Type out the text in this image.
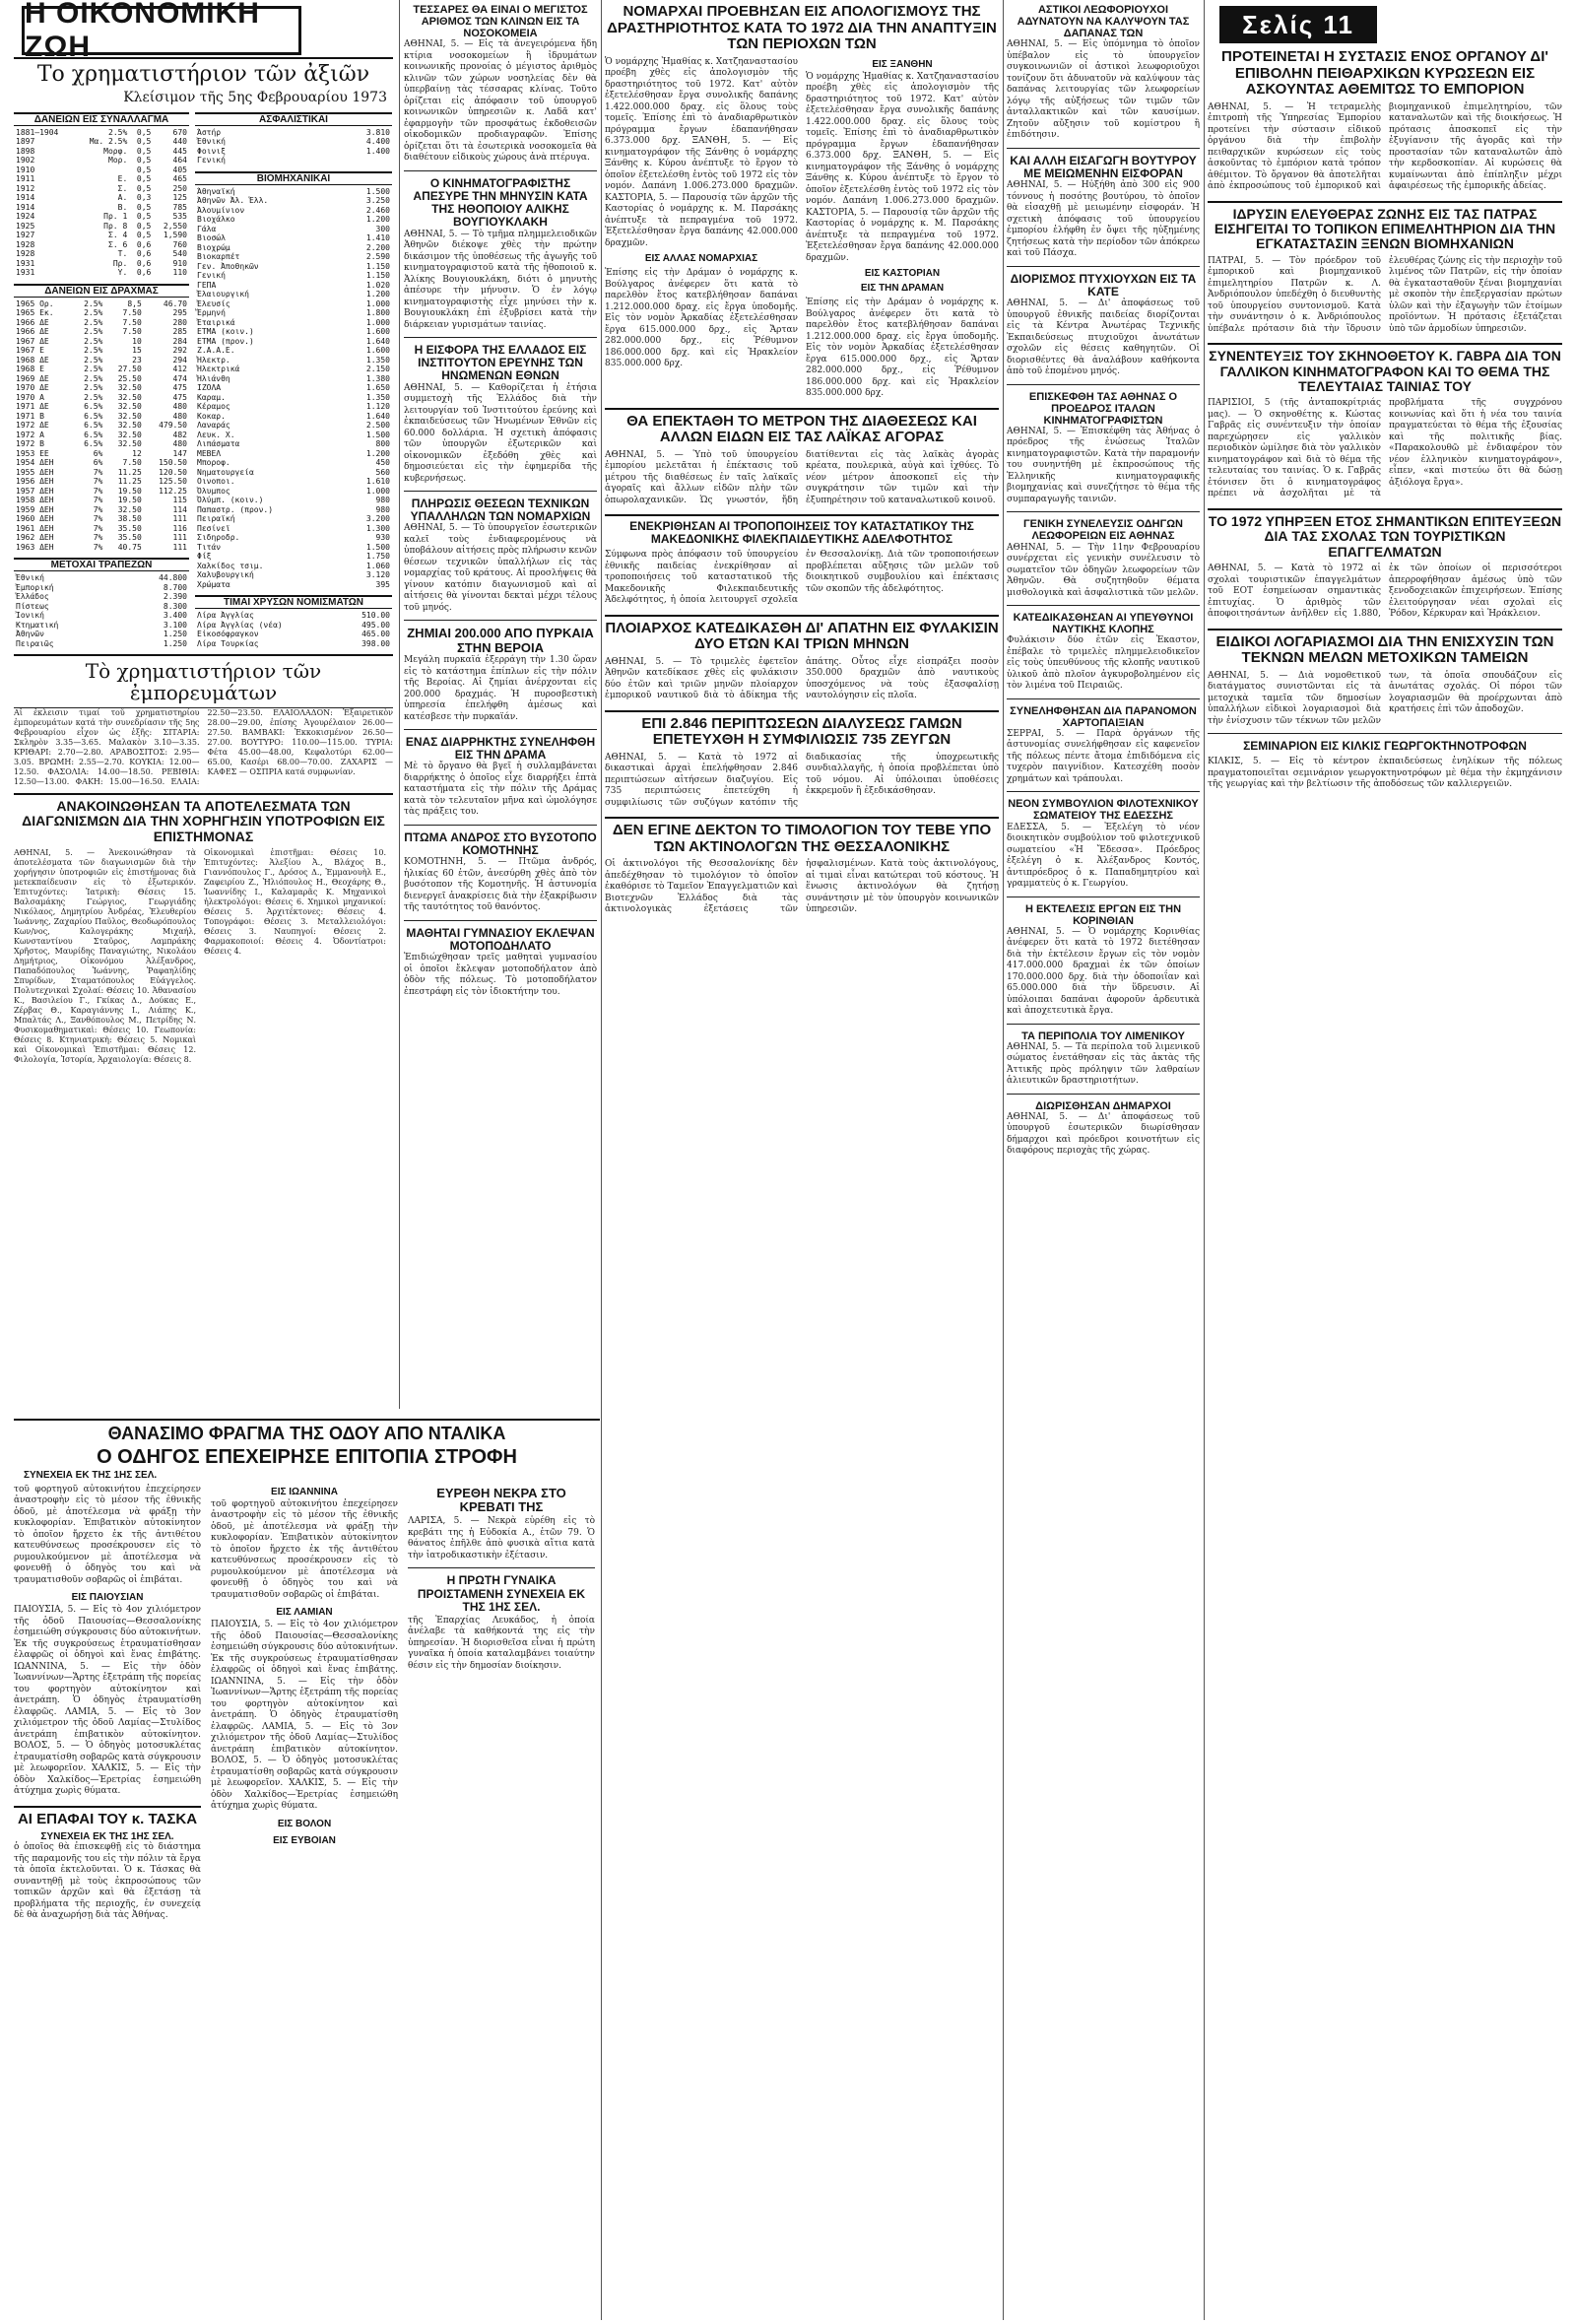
Η ΟΙΚΟΝΟΜΙΚΗ ΖΩΗ
Το χρηματιστήριον τῶν ἀξιῶν
Κλείσιμον τῆς 5ης Φεβρουαρίου 1973
ΔΑΝΕΙΩΝ ΕΙΣ ΣΥΝΑΛΛΑΓΜΑ
1881—1904	2.5%	0,5	670
1897	Μα. 2.5%	0,5	440
1898	Μορφ.	0,5	445
1902	Μορ.	0,5	464
1910		0,5	405
1911	Ε.	0,5	465
1912	Σ.	0,5	250
1914	Α.	0,3	125
1914	Β.	0,5	785
1924	Πρ. 1	0,5	535
1925	Πρ. 8	0,5	2,550
1927	Σ. 4	0,5	1,590
1928	Σ. 6	0,6	760
1928	Τ.	0,6	540
1931	Πρ.	0,6	910
1931	Υ.	0,6	110
ΔΑΝΕΙΩΝ ΕΙΣ ΔΡΑΧΜΑΣ
1965 Ορ.	2.5%	8,5	46.70
1965 Εκ.	2.5%	7.50	295
1966 ΔΕ	2.5%	7.50	280
1966 ΔΕ	2.5%	7.50	285
1967 ΔΕ	2.5%	10	284
1967 Ε	2.5%	15	292
1968 ΔΕ	2.5%	23	294
1968 Ε	2.5%	27.50	412
1969 ΔΕ	2.5%	25.50	474
1970 ΔΕ	2.5%	32.50	475
1970 Α	2.5%	32.50	475
1971 ΔΕ	6.5%	32.50	480
1971 Β	6.5%	32.50	480
1972 ΔΕ	6.5%	32.50	479.50
1972 Α	6.5%	32.50	482
1972 Β	6.5%	32.50	480
1953 ΕΕ	6%	12	147
1954 ΔΕΗ	6%	7.50	150.50
1955 ΔΕΗ	7%	11.25	120.50
1956 ΔΕΗ	7%	11.25	125.50
1957 ΔΕΗ	7%	19.50	112.25
1958 ΔΕΗ	7%	19.50	115
1959 ΔΕΗ	7%	32.50	114
1960 ΔΕΗ	7%	38.50	111
1961 ΔΕΗ	7%	35.50	116
1962 ΔΕΗ	7%	35.50	111
1963 ΔΕΗ	7%	40.75	111
ΜΕΤΟΧΑΙ ΤΡΑΠΕΖΩΝ
Ἐθνική	44.800
Ἐμπορική	8.700
Ἑλλάδος	2.390
Πίστεως	8.300
Ἰονική	3.400
Κτηματική	3.100
Ἀθηνῶν	1.250
Πειραιῶς	1.250
ΑΣΦΑΛΙΣΤΙΚΑΙ
Άστήρ	3.810
Ἐθνική	4.400
Φοινιξ	1.400
Γενική	
ΒΙΟΜΗΧΑΝΙΚΑΙ
Άθηναϊκή	1.500
Ἀθηνῶν Ἀλ. Ἑλλ.	3.250
Ἀλουμίνιον	2.460
Βιοχάλκο	1.200
Γάλα	300
Βιοσώλ	1.410
Βιοχρώμ	2.200
Βιοκαρπέτ	2.590
Γεν. Ἀποθηκῶν	1.150
Γενική	1.150
ΓΕΠΑ	1.020
Ἐλαιουργική	1.200
Ἐλευσίς	1.000
Ἔρμηνή	1.800
Ἐταιρικά	1.000
ΕΤΜΑ (κοιν.)	1.600
ΕΤΜΑ (προν.)	1.640
Ζ.Α.Α.Ε.	1.600
Ἠλεκτρ.	1.350
Ἠλεκτρικά	2.150
Ἠλιάνθη	1.380
ΙΖΟΛΑ	1.650
Καραμ.	1.350
Κέραμος	1.120
Κοκαρ.	1.640
Λαναράς	2.500
Λευκ. Χ.	1.500
Λιπάσματα	800
ΜΕΒΕΛ	1.200
Μποροφ.	450
Νηματουργεία	560
Οινοποι.	1.610
Ὀλυμπος	1.000
Ὀλύμπ. (κοιν.)	980
Παπαστρ. (προν.)	980
Πειραϊκή	3.200
Πεσίνεϊ	1.300
Σιδηροδρ.	930
Τιτάν	1.500
Φίξ	1.750
Χαλκίδος τσιμ.	1.060
Χαλυβουργική	3.120
Χρώματα	395
ΤΙΜΑΙ ΧΡΥΣΩΝ ΝΟΜΙΣΜΑΤΩΝ
Λίρα Ἀγγλίας	510.00
Λίρα Ἀγγλίας (νέα)	495.00
Εἰκοσόφραγκον	465.00
Λίρα Τουρκίας	398.00
Τὸ χρηματιστήριον τῶν ἐμπορευμάτων

Αἱ ἐκλεισιν τιμαί τοῦ χρηματιστηρίου ἐμπορευμάτων κατά τὴν συνεδρίασιν τῆς 5ης Φεβρουαρίου εἶχον ὡς ἑξῆς: ΣΙΤΑΡΙΑ: Σκληρὸν 3.35—3.65. Μαλακὸν 3.10—3.35. ΚΡΙΘΑΡΙ: 2.70—2.80. ΑΡΑΒΟΣΙΤΟΣ: 2.95—3.05. ΒΡΩΜΗ: 2.55—2.70. ΚΟΥΚΙΑ: 12.00—12.50. ΦΑΣΟΛΙΑ: 14.00—18.50. ΡΕΒΙΘΙΑ: 12.50—13.00. ΦΑΚΗ: 15.00—16.50. ΕΛΑΙΑ: 22.50—23.50. ΕΛΑΙΟΛΑΔΟΝ: Ἐξαιρετικὸν 28.00—29.00, ἐπίσης Ἀγουρέλαιον 26.00—27.50. ΒΑΜΒΑΚΙ: Ἐκκοκισμένον 26.50—27.00. ΒΟΥΤΥΡΟ: 110.00—115.00. ΤΥΡΙΑ: Φέτα 45.00—48.00, Κεφαλοτύρι 62.00—65.00, Κασέρι 68.00—70.00. ΖΑΧΑΡΙΣ — ΚΑΦΕΣ — ΟΣΠΡΙΑ κατά συμφωνίαν.

ΑΝΑΚΟΙΝΩΘΗΣΑΝ ΤΑ ΑΠΟΤΕΛΕΣΜΑΤΑ ΤΩΝ ΔΙΑΓΩΝΙΣΜΩΝ ΔΙΑ ΤΗΝ ΧΟΡΗΓΗΣΙΝ ΥΠΟΤΡΟΦΙΩΝ ΕΙΣ ΕΠΙΣΤΗΜΟΝΑΣ

ΑΘΗΝΑΙ, 5. — Ἀνεκοινώθησαν τὰ ἀποτελέσματα τῶν διαγωνισμῶν διὰ τὴν χορήγησιν ὑποτροφιῶν εἰς ἐπιστήμονας διὰ μετεκπαίδευσιν εἰς τὸ ἐξωτερικόν. Ἐπιτυχόντες: Ἰατρικὴ: Θέσεις 15. Βαλσαμάκης Γεώργιος, Γεωργιάδης Νικόλαος, Δημητρίου Ἀνδρέας, Ἐλευθερίου Ἰωάννης, Ζαχαρίου Παῦλος, Θεοδωρόπουλος Κων/νος, Καλογεράκης Μιχαήλ, Κωνσταντίνου Σταῦρος, Λαμπράκης Χρῆστος, Μαυρίδης Παναγιώτης, Νικολάου Δημήτριος, Οἰκονόμου Ἀλέξανδρος, Παπαδόπουλος Ἰωάννης, Ῥαφαηλίδης Σπυρίδων, Σταματόπουλος Εὐάγγελος. Πολυτεχνικαὶ Σχολαί: Θέσεις 10. Ἀθανασίου Κ., Βασιλείου Γ., Γκίκας Δ., Δούκας Ε., Ζέρβας Θ., Καραγιάννης Ι., Λιάπης Κ., Μπαλτάς Λ., Ξανθόπουλος Μ., Πετρίδης Ν. Φυσικομαθηματικαὶ: Θέσεις 10. Γεωπονία: Θέσεις 8. Κτηνιατρικὴ: Θέσεις 5. Νομικαὶ καὶ Οἰκονομικαὶ Ἐπιστῆμαι: Θέσεις 12. Φιλολογία, Ἱστορία, Ἀρχαιολογία: Θέσεις 8.

Οἰκονομικαὶ ἐπιστῆμαι: Θέσεις 10. Ἐπιτυχόντες: Ἀλεξίου Ἀ., Βλάχος Β., Γιαννόπουλος Γ., Δρόσος Δ., Ἐμμανουὴλ Ε., Ζαφειρίου Ζ., Ἠλιόπουλος Η., Θεοχάρης Θ., Ἰωαννίδης Ι., Καλαμαρᾶς Κ. Μηχανικοὶ ἠλεκτρολόγοι: Θέσεις 6. Χημικοὶ μηχανικοί: Θέσεις 5. Ἀρχιτέκτονες: Θέσεις 4. Τοπογράφοι: Θέσεις 3. Μεταλλειολόγοι: Θέσεις 3. Ναυπηγοί: Θέσεις 2. Φαρμακοποιοί: Θέσεις 4. Ὀδοντίατροι: Θέσεις 4.

ΘΑΝΑΣΙΜΟ ΦΡΑΓΜΑ ΤΗΣ ΟΔΟΥ ΑΠΟ ΝΤΑΛΙΚΑ
Ο ΟΔΗΓΟΣ ΕΠΕΧΕΙΡΗΣΕ ΕΠΙΤΟΠΙΑ ΣΤΡΟΦΗ
ΣΥΝΕΧΕΙΑ ΕΚ ΤΗΣ 1ΗΣ ΣΕΛ.

τοῦ φορτηγοῦ αὐτοκινήτου ἐπεχείρησεν ἀναστροφὴν εἰς τὸ μέσον τῆς ἐθνικῆς ὁδοῦ, μὲ ἀποτέλεσμα νὰ φράξῃ τὴν κυκλοφορίαν. Ἐπιβατικὸν αὐτοκίνητον τὸ ὁποῖον ἤρχετο ἐκ τῆς ἀντιθέτου κατευθύνσεως προσέκρουσεν εἰς τὸ ρυμουλκούμενον μὲ ἀποτέλεσμα νὰ φονευθῇ ὁ ὁδηγὸς του καὶ νὰ τραυματισθοῦν σοβαρῶς οἱ ἐπιβάται.

ΕΙΣ ΠΑΙΟΥΣΙΑΝ

ΠΑΙΟΥΣΙΑ, 5. — Εἰς τὸ 4ον χιλιόμετρον τῆς ὁδοῦ Παιουσίας—Θεσσαλονίκης ἐσημειώθη σύγκρουσις δύο αὐτοκινήτων. Ἐκ τῆς συγκρούσεως ἐτραυματίσθησαν ἐλαφρῶς οἱ ὁδηγοὶ καὶ ἕνας ἐπιβάτης. ΙΩΑΝΝΙΝΑ, 5. — Εἰς τὴν ὁδὸν Ἰωαννίνων—Ἄρτης ἐξετράπη τῆς πορείας του φορτηγὸν αὐτοκίνητον καὶ ἀνετράπη. Ὁ ὁδηγὸς ἐτραυματίσθη ἐλαφρῶς. ΛΑΜΙΑ, 5. — Εἰς τὸ 3ον χιλιόμετρον τῆς ὁδοῦ Λαμίας—Στυλίδος ἀνετράπη ἐπιβατικὸν αὐτοκίνητον. ΒΟΛΟΣ, 5. — Ὁ ὁδηγὸς μοτοσυκλέτας ἐτραυματίσθη σοβαρῶς κατὰ σύγκρουσιν μὲ λεωφορεῖον. ΧΑΛΚΙΣ, 5. — Εἰς τὴν ὁδὸν Χαλκίδος—Ἐρετρίας ἐσημειώθη ἀτύχημα χωρὶς θύματα.

ΑΙ ΕΠΑΦΑΙ ΤΟΥ κ. ΤΑΣΚΑ
ΣΥΝΕΧΕΙΑ ΕΚ ΤΗΣ 1ΗΣ ΣΕΛ.

ὁ ὁποῖος θὰ ἐπισκεφθῇ εἰς τὸ διάστημα τῆς παραμονῆς του εἰς τὴν πόλιν τὰ ἔργα τὰ ὁποῖα ἐκτελοῦνται. Ὁ κ. Τάσκας θὰ συναντηθῇ μὲ τοὺς ἐκπροσώπους τῶν τοπικῶν ἀρχῶν καὶ θὰ ἐξετάσῃ τὰ προβλήματα τῆς περιοχῆς, ἐν συνεχείᾳ δὲ θὰ ἀναχωρήσῃ διὰ τὰς Ἀθήνας.

ΕΙΣ ΙΩΑΝΝΙΝΑ

τοῦ φορτηγοῦ αὐτοκινήτου ἐπεχείρησεν ἀναστροφὴν εἰς τὸ μέσον τῆς ἐθνικῆς ὁδοῦ, μὲ ἀποτέλεσμα νὰ φράξῃ τὴν κυκλοφορίαν. Ἐπιβατικὸν αὐτοκίνητον τὸ ὁποῖον ἤρχετο ἐκ τῆς ἀντιθέτου κατευθύνσεως προσέκρουσεν εἰς τὸ ρυμουλκούμενον μὲ ἀποτέλεσμα νὰ φονευθῇ ὁ ὁδηγὸς του καὶ νὰ τραυματισθοῦν σοβαρῶς οἱ ἐπιβάται.

ΕΙΣ ΛΑΜΙΑΝ

ΠΑΙΟΥΣΙΑ, 5. — Εἰς τὸ 4ον χιλιόμετρον τῆς ὁδοῦ Παιουσίας—Θεσσαλονίκης ἐσημειώθη σύγκρουσις δύο αὐτοκινήτων. Ἐκ τῆς συγκρούσεως ἐτραυματίσθησαν ἐλαφρῶς οἱ ὁδηγοὶ καὶ ἕνας ἐπιβάτης. ΙΩΑΝΝΙΝΑ, 5. — Εἰς τὴν ὁδὸν Ἰωαννίνων—Ἄρτης ἐξετράπη τῆς πορείας του φορτηγὸν αὐτοκίνητον καὶ ἀνετράπη. Ὁ ὁδηγὸς ἐτραυματίσθη ἐλαφρῶς. ΛΑΜΙΑ, 5. — Εἰς τὸ 3ον χιλιόμετρον τῆς ὁδοῦ Λαμίας—Στυλίδος ἀνετράπη ἐπιβατικὸν αὐτοκίνητον. ΒΟΛΟΣ, 5. — Ὁ ὁδηγὸς μοτοσυκλέτας ἐτραυματίσθη σοβαρῶς κατὰ σύγκρουσιν μὲ λεωφορεῖον. ΧΑΛΚΙΣ, 5. — Εἰς τὴν ὁδὸν Χαλκίδος—Ἐρετρίας ἐσημειώθη ἀτύχημα χωρὶς θύματα.

ΕΙΣ ΒΟΛΟΝ
ΕΙΣ ΕΥΒΟΙΑΝ
ΕΥΡΕΘΗ ΝΕΚΡΑ ΣΤΟ ΚΡΕΒΑΤΙ ΤΗΣ

ΛΑΡΙΣΑ, 5. — Νεκρὰ εὑρέθη εἰς τὸ κρεβάτι της ἡ Εὐδοκία Α., ἐτῶν 79. Ὁ θάνατος ἐπῆλθε ἀπὸ φυσικὰ αἴτια κατὰ τὴν ἰατροδικαστικὴν ἐξέτασιν.

Η ΠΡΩΤΗ ΓΥΝΑΙΚΑ ΠΡΟΙΣΤΑΜΕΝΗ ΣΥΝΕΧΕΙΑ ΕΚ ΤΗΣ 1ΗΣ ΣΕΛ.

τῆς Ἐπαρχίας Λευκάδος, ἡ ὁποία ἀνέλαβε τὰ καθήκοντά της εἰς τὴν ὑπηρεσίαν. Ἡ διορισθεῖσα εἶναι ἡ πρώτη γυναῖκα ἡ ὁποία καταλαμβάνει τοιαύτην θέσιν εἰς τὴν δημοσίαν διοίκησιν.

ΤΕΣΣΑΡΕΣ ΘΑ ΕΙΝΑΙ Ο ΜΕΓΙΣΤΟΣ ΑΡΙΘΜΟΣ ΤΩΝ ΚΛΙΝΩΝ ΕΙΣ ΤΑ ΝΟΣΟΚΟΜΕΙΑ

ΑΘΗΝΑΙ, 5. — Εἰς τὰ ἀνεγειρόμενα ἤδη κτίρια νοσοκομείων ἢ ἰδρυμάτων κοινωνικῆς προνοίας ὁ μέγιστος ἀριθμὸς κλινῶν τῶν χώρων νοσηλείας δὲν θὰ ὑπερβαίνῃ τὰς τέσσαρας κλίνας. Τοῦτο ὁρίζεται εἰς ἀπόφασιν τοῦ ὑπουργοῦ κοινωνικῶν ὑπηρεσιῶν κ. Λαδᾶ κατ' ἐφαρμογὴν τῶν προσφάτως ἐκδοθεισῶν οἰκοδομικῶν προδιαγραφῶν. Ἐπίσης ὁρίζεται ὅτι τὰ ἐσωτερικὰ νοσοκομεῖα θὰ διαθέτουν εἰδικοὺς χώρους ἀνὰ πτέρυγα.

Ο ΚΙΝΗΜΑΤΟΓΡΑΦΙΣΤΗΣ ΑΠΕΣΥΡΕ ΤΗΝ ΜΗΝΥΣΙΝ ΚΑΤΑ ΤΗΣ ΗΘΟΠΟΙΟΥ ΑΛΙΚΗΣ ΒΟΥΓΙΟΥΚΛΑΚΗ

ΑΘΗΝΑΙ, 5. — Τὸ τμῆμα πλημμελειοδικῶν Ἀθηνῶν διέκοψε χθὲς τὴν πρώτην δικάσιμον τῆς ὑποθέσεως τῆς ἀγωγῆς τοῦ κινηματογραφιστοῦ κατὰ τῆς ἠθοποιοῦ κ. Ἀλίκης Βουγιουκλάκη, διότι ὁ μηνυτὴς ἀπέσυρε τὴν μήνυσιν. Ὁ ἐν λόγῳ κινηματογραφιστὴς εἶχε μηνύσει τὴν κ. Βουγιουκλάκη ἐπὶ ἐξυβρίσει κατὰ τὴν διάρκειαν γυρισμάτων ταινίας.

Η ΕΙΣΦΟΡΑ ΤΗΣ ΕΛΛΑΔΟΣ ΕΙΣ ΙΝΣΤΙΤΟΥΤΟΝ ΕΡΕΥΝΗΣ ΤΩΝ ΗΝΩΜΕΝΩΝ ΕΘΝΩΝ

ΑΘΗΝΑΙ, 5. — Καθορίζεται ἡ ἐτήσια συμμετοχὴ τῆς Ἑλλάδος διὰ τὴν λειτουργίαν τοῦ Ἰνστιτούτου ἐρεύνης καὶ ἐκπαιδεύσεως τῶν Ἡνωμένων Ἐθνῶν εἰς 60.000 δολλάρια. Ἡ σχετικὴ ἀπόφασις τῶν ὑπουργῶν ἐξωτερικῶν καὶ οἰκονομικῶν ἐξεδόθη χθὲς καὶ δημοσιεύεται εἰς τὴν ἐφημερίδα τῆς κυβερνήσεως.

ΠΛΗΡΩΣΙΣ ΘΕΣΕΩΝ ΤΕΧΝΙΚΩΝ ΥΠΑΛΛΗΛΩΝ ΤΩΝ ΝΟΜΑΡΧΙΩΝ

ΑΘΗΝΑΙ, 5. — Τὸ ὑπουργεῖον ἐσωτερικῶν καλεῖ τοὺς ἐνδιαφερομένους νὰ ὑποβάλουν αἰτήσεις πρὸς πλήρωσιν κενῶν θέσεων τεχνικῶν ὑπαλλήλων εἰς τὰς νομαρχίας τοῦ κράτους. Αἱ προσλήψεις θὰ γίνουν κατόπιν διαγωνισμοῦ καὶ αἱ αἰτήσεις θὰ γίνονται δεκταὶ μέχρι τέλους τοῦ μηνός.

ΖΗΜΙΑΙ 200.000 ΑΠΟ ΠΥΡΚΑΙΑ ΣΤΗΝ ΒΕΡΟΙΑ

Μεγάλη πυρκαϊά ἐξερράγη τὴν 1.30 ὥραν εἰς τὸ κατάστημα ἐπίπλων εἰς τὴν πόλιν τῆς Βεροίας. Αἱ ζημίαι ἀνέρχονται εἰς 200.000 δραχμάς. Ἡ πυροσβεστικὴ ὑπηρεσία ἐπελήφθη ἀμέσως καὶ κατέσβεσε τὴν πυρκαϊάν.

ΕΝΑΣ ΔΙΑΡΡΗΚΤΗΣ ΣΥΝΕΛΗΦΘΗ ΕΙΣ ΤΗΝ ΔΡΑΜΑ

Μὲ τὸ ὄργανο θὰ βγεῖ ἡ συλλαμβάνεται διαρρήκτης ὁ ὁποῖος εἶχε διαρρήξει ἑπτὰ καταστήματα εἰς τὴν πόλιν τῆς Δράμας κατὰ τὸν τελευταῖον μῆνα καὶ ὡμολόγησε τὰς πράξεις του.

ΠΤΩΜΑ ΑΝΔΡΟΣ ΣΤΟ ΒΥΣΟΤΟΠΟ ΚΟΜΟΤΗΝΗΣ

ΚΟΜΟΤΗΝΗ, 5. — Πτῶμα ἀνδρός, ἡλικίας 60 ἐτῶν, ἀνεσύρθη χθὲς ἀπὸ τὸν βυσότοπον τῆς Κομοτηνῆς. Ἡ ἀστυνομία διενεργεῖ ἀνακρίσεις διὰ τὴν ἐξακρίβωσιν τῆς ταυτότητος τοῦ θανόντος.

ΜΑΘΗΤΑΙ ΓΥΜΝΑΣΙΟΥ ΕΚΛΕΨΑΝ ΜΟΤΟΠΟΔΗΛΑΤΟ

Ἐπιδιώχθησαν τρεῖς μαθηταὶ γυμνασίου οἱ ὁποῖοι ἔκλεψαν μοτοποδήλατον ἀπὸ ὁδὸν τῆς πόλεως. Τὸ μοτοποδήλατον ἐπεστράφη εἰς τὸν ἰδιοκτήτην του.

ΝΟΜΑΡΧΑΙ ΠΡΟΕΒΗΣΑΝ ΕΙΣ ΑΠΟΛΟΓΙΣΜΟΥΣ ΤΗΣ ΔΡΑΣΤΗΡΙΟΤΗΤΟΣ ΚΑΤΑ ΤΟ 1972 ΔΙΑ ΤΗΝ ΑΝΑΠΤΥΞΙΝ ΤΩΝ ΠΕΡΙΟΧΩΝ ΤΩΝ

Ὁ νομάρχης Ἠμαθίας κ. Χατζηαναστασίου προέβη χθὲς εἰς ἀπολογισμὸν τῆς δραστηριότητος τοῦ 1972. Κατ' αὐτὸν ἐξετελέσθησαν ἔργα συνολικῆς δαπάνης 1.422.000.000 δραχ. εἰς ὅλους τοὺς τομεῖς. Ἐπίσης ἐπὶ τὸ ἀναδιαρθρωτικὸν πρόγραμμα ἔργων ἐδαπανήθησαν 6.373.000 δρχ. ΞΑΝΘΗ, 5. — Εἰς κινηματογράφον τῆς Ξάνθης ὁ νομάρχης Ξάνθης κ. Κύρου ἀνέπτυξε τὸ ἔργον τὸ ὁποῖον ἐξετελέσθη ἐντὸς τοῦ 1972 εἰς τὸν νομόν. Δαπάνη 1.006.273.000 δραχμῶν. ΚΑΣΤΟΡΙΑ, 5. — Παρουσίᾳ τῶν ἀρχῶν τῆς Καστορίας ὁ νομάρχης κ. Μ. Παρσάκης ἀνέπτυξε τὰ πεπραγμένα τοῦ 1972. Ἐξετελέσθησαν ἔργα δαπάνης 42.000.000 δραχμῶν.

ΕΙΣ ΑΛΛΑΣ ΝΟΜΑΡΧΙΑΣ

Ἐπίσης εἰς τὴν Δράμαν ὁ νομάρχης κ. Βούλγαρος ἀνέφερεν ὅτι κατὰ τὸ παρελθὸν ἔτος κατεβλήθησαν δαπάναι 1.212.000.000 δραχ. εἰς ἔργα ὑποδομῆς. Εἰς τὸν νομὸν Ἀρκαδίας ἐξετελέσθησαν ἔργα 615.000.000 δρχ., εἰς Ἄρταν 282.000.000 δρχ., εἰς Ῥέθυμνον 186.000.000 δρχ. καὶ εἰς Ἡρακλείον 835.000.000 δρχ.

ΕΙΣ ΞΑΝΘΗΝ

Ὁ νομάρχης Ἠμαθίας κ. Χατζηαναστασίου προέβη χθὲς εἰς ἀπολογισμὸν τῆς δραστηριότητος τοῦ 1972. Κατ' αὐτὸν ἐξετελέσθησαν ἔργα συνολικῆς δαπάνης 1.422.000.000 δραχ. εἰς ὅλους τοὺς τομεῖς. Ἐπίσης ἐπὶ τὸ ἀναδιαρθρωτικὸν πρόγραμμα ἔργων ἐδαπανήθησαν 6.373.000 δρχ. ΞΑΝΘΗ, 5. — Εἰς κινηματογράφον τῆς Ξάνθης ὁ νομάρχης Ξάνθης κ. Κύρου ἀνέπτυξε τὸ ἔργον τὸ ὁποῖον ἐξετελέσθη ἐντὸς τοῦ 1972 εἰς τὸν νομόν. Δαπάνη 1.006.273.000 δραχμῶν. ΚΑΣΤΟΡΙΑ, 5. — Παρουσίᾳ τῶν ἀρχῶν τῆς Καστορίας ὁ νομάρχης κ. Μ. Παρσάκης ἀνέπτυξε τὰ πεπραγμένα τοῦ 1972. Ἐξετελέσθησαν ἔργα δαπάνης 42.000.000 δραχμῶν.

ΕΙΣ ΚΑΣΤΟΡΙΑΝ
ΕΙΣ ΤΗΝ ΔΡΑΜΑΝ

Ἐπίσης εἰς τὴν Δράμαν ὁ νομάρχης κ. Βούλγαρος ἀνέφερεν ὅτι κατὰ τὸ παρελθὸν ἔτος κατεβλήθησαν δαπάναι 1.212.000.000 δραχ. εἰς ἔργα ὑποδομῆς. Εἰς τὸν νομὸν Ἀρκαδίας ἐξετελέσθησαν ἔργα 615.000.000 δρχ., εἰς Ἄρταν 282.000.000 δρχ., εἰς Ῥέθυμνον 186.000.000 δρχ. καὶ εἰς Ἡρακλείον 835.000.000 δρχ.

ΘΑ ΕΠΕΚΤΑΘΗ ΤΟ ΜΕΤΡΟΝ ΤΗΣ ΔΙΑΘΕΣΕΩΣ ΚΑΙ ΑΛΛΩΝ ΕΙΔΩΝ ΕΙΣ ΤΑΣ ΛΑΪΚΑΣ ΑΓΟΡΑΣ

ΑΘΗΝΑΙ, 5. — Ὑπὸ τοῦ ὑπουργείου ἐμπορίου μελετᾶται ἡ ἐπέκτασις τοῦ μέτρου τῆς διαθέσεως ἐν ταῖς λαϊκαῖς ἀγοραῖς καὶ ἄλλων εἰδῶν πλὴν τῶν ὀπωρολαχανικῶν. Ὡς γνωστόν, ἤδη διατίθενται εἰς τὰς λαϊκὰς ἀγορὰς κρέατα, πουλερικὰ, αὐγὰ καὶ ἰχθύες. Τὸ νέον μέτρον ἀποσκοπεῖ εἰς τὴν συγκράτησιν τῶν τιμῶν καὶ τὴν ἐξυπηρέτησιν τοῦ καταναλωτικοῦ κοινοῦ.

ΕΝΕΚΡΙΘΗΣΑΝ ΑΙ ΤΡΟΠΟΠΟΙΗΣΕΙΣ ΤΟΥ ΚΑΤΑΣΤΑΤΙΚΟΥ ΤΗΣ ΜΑΚΕΔΟΝΙΚΗΣ ΦΙΛΕΚΠΑΙΔΕΥΤΙΚΗΣ ΑΔΕΛΦΟΤΗΤΟΣ

Σύμφωνα πρὸς ἀπόφασιν τοῦ ὑπουργείου ἐθνικῆς παιδείας ἐνεκρίθησαν αἱ τροποποιήσεις τοῦ καταστατικοῦ τῆς Μακεδονικῆς Φιλεκπαιδευτικῆς Ἀδελφότητος, ἡ ὁποία λειτουργεῖ σχολεῖα ἐν Θεσσαλονίκῃ. Διὰ τῶν τροποποιήσεων προβλέπεται αὔξησις τῶν μελῶν τοῦ διοικητικοῦ συμβουλίου καὶ ἐπέκτασις τῶν σκοπῶν τῆς ἀδελφότητος.

ΠΛΟΙΑΡΧΟΣ ΚΑΤΕΔΙΚΑΣΘΗ ΔΙ' ΑΠΑΤΗΝ ΕΙΣ ΦΥΛΑΚΙΣΙΝ ΔΥΟ ΕΤΩΝ ΚΑΙ ΤΡΙΩΝ ΜΗΝΩΝ

ΑΘΗΝΑΙ, 5. — Τὸ τριμελὲς ἐφετεῖον Ἀθηνῶν κατεδίκασε χθὲς εἰς φυλάκισιν δύο ἐτῶν καὶ τριῶν μηνῶν πλοίαρχον ἐμπορικοῦ ναυτικοῦ διὰ τὸ ἀδίκημα τῆς ἀπάτης. Οὗτος εἶχε εἰσπράξει ποσὸν 350.000 δραχμῶν ἀπὸ ναυτικοὺς ὑποσχόμενος νὰ τοὺς ἐξασφαλίσῃ ναυτολόγησιν εἰς πλοῖα.

ΕΠΙ 2.846 ΠΕΡΙΠΤΩΣΕΩΝ ΔΙΑΛΥΣΕΩΣ ΓΑΜΩΝ ΕΠΕΤΕΥΧΘΗ Η ΣΥΜΦΙΛΙΩΣΙΣ 735 ΖΕΥΓΩΝ

ΑΘΗΝΑΙ, 5. — Κατὰ τὸ 1972 αἱ δικαστικαὶ ἀρχαὶ ἐπελήφθησαν 2.846 περιπτώσεων αἰτήσεων διαζυγίου. Εἰς 735 περιπτώσεις ἐπετεύχθη ἡ συμφιλίωσις τῶν συζύγων κατόπιν τῆς διαδικασίας τῆς ὑποχρεωτικῆς συνδιαλλαγῆς, ἡ ὁποία προβλέπεται ὑπὸ τοῦ νόμου. Αἱ ὑπόλοιπαι ὑποθέσεις ἐκκρεμοῦν ἢ ἐξεδικάσθησαν.

ΔΕΝ ΕΓΙΝΕ ΔΕΚΤΟΝ ΤΟ ΤΙΜΟΛΟΓΙΟΝ ΤΟΥ ΤΕΒΕ ΥΠΟ ΤΩΝ ΑΚΤΙΝΟΛΟΓΩΝ ΤΗΣ ΘΕΣΣΑΛΟΝΙΚΗΣ

Οἱ ἀκτινολόγοι τῆς Θεσσαλονίκης δὲν ἀπεδέχθησαν τὸ τιμολόγιον τὸ ὁποῖον ἐκαθόρισε τὸ Ταμεῖον Ἐπαγγελματιῶν καὶ Βιοτεχνῶν Ἑλλάδος διὰ τὰς ἀκτινολογικὰς ἐξετάσεις τῶν ἠσφαλισμένων. Κατὰ τοὺς ἀκτινολόγους, αἱ τιμαὶ εἶναι κατώτεραι τοῦ κόστους. Ἡ ἕνωσις ἀκτινολόγων θὰ ζητήσῃ συνάντησιν μὲ τὸν ὑπουργὸν κοινωνικῶν ὑπηρεσιῶν.

ΑΣΤΙΚΟΙ ΛΕΩΦΟΡΙΟΥΧΟΙ ΑΔΥΝΑΤΟΥΝ ΝΑ ΚΑΛΥΨΟΥΝ ΤΑΣ ΔΑΠΑΝΑΣ ΤΩΝ

ΑΘΗΝΑΙ, 5. — Εἰς ὑπόμνημα τὸ ὁποῖον ὑπέβαλον εἰς τὸ ὑπουργεῖον συγκοινωνιῶν οἱ ἀστικοὶ λεωφοριοῦχοι τονίζουν ὅτι ἀδυνατοῦν νὰ καλύψουν τὰς δαπάνας λειτουργίας τῶν λεωφορείων λόγῳ τῆς αὐξήσεως τῶν τιμῶν τῶν ἀνταλλακτικῶν καὶ τῶν καυσίμων. Ζητοῦν αὔξησιν τοῦ κομίστρου ἢ ἐπιδότησιν.

ΚΑΙ ΑΛΛΗ ΕΙΣΑΓΩΓΗ ΒΟΥΤΥΡΟΥ ΜΕ ΜΕΙΩΜΕΝΗΝ ΕΙΣΦΟΡΑΝ

ΑΘΗΝΑΙ, 5. — Ηὐξήθη ἀπὸ 300 εἰς 900 τόννους ἡ ποσότης βουτύρου, τὸ ὁποῖον θὰ εἰσαχθῇ μὲ μειωμένην εἰσφοράν. Ἡ σχετικὴ ἀπόφασις τοῦ ὑπουργείου ἐμπορίου ἐλήφθη ἐν ὄψει τῆς ηὐξημένης ζητήσεως κατὰ τὴν περίοδον τῶν ἀπόκρεω καὶ τοῦ Πάσχα.

ΔΙΟΡΙΣΜΟΣ ΠΤΥΧΙΟΥΧΩΝ ΕΙΣ ΤΑ ΚΑΤΕ

ΑΘΗΝΑΙ, 5. — Δι' ἀποφάσεως τοῦ ὑπουργοῦ ἐθνικῆς παιδείας διορίζονται εἰς τὰ Κέντρα Ἀνωτέρας Τεχνικῆς Ἐκπαιδεύσεως πτυχιοῦχοι ἀνωτάτων σχολῶν εἰς θέσεις καθηγητῶν. Οἱ διορισθέντες θὰ ἀναλάβουν καθήκοντα ἀπὸ τοῦ ἑπομένου μηνός.

ΕΠΙΣΚΕΦΘΗ ΤΑΣ ΑΘΗΝΑΣ Ο ΠΡΟΕΔΡΟΣ ΙΤΑΛΩΝ ΚΙΝΗΜΑΤΟΓΡΑΦΙΣΤΩΝ

ΑΘΗΝΑΙ, 5. — Ἐπισκέφθη τὰς Ἀθήνας ὁ πρόεδρος τῆς ἑνώσεως Ἰταλῶν κινηματογραφιστῶν. Κατὰ τὴν παραμονήν του συνηντήθη μὲ ἐκπροσώπους τῆς Ἑλληνικῆς κινηματογραφικῆς βιομηχανίας καὶ συνεζήτησε τὸ θέμα τῆς συμπαραγωγῆς ταινιῶν.

ΓΕΝΙΚΗ ΣΥΝΕΛΕΥΣΙΣ ΟΔΗΓΩΝ ΛΕΩΦΟΡΕΙΩΝ ΕΙΣ ΑΘΗΝΑΣ

ΑΘΗΝΑΙ, 5. — Τὴν 11ην Φεβρουαρίου συνέρχεται εἰς γενικὴν συνέλευσιν τὸ σωματεῖον τῶν ὁδηγῶν λεωφορείων τῶν Ἀθηνῶν. Θὰ συζητηθοῦν θέματα μισθολογικὰ καὶ ἀσφαλιστικὰ τῶν μελῶν.

ΚΑΤΕΔΙΚΑΣΘΗΣΑΝ ΑΙ ΥΠΕΥΘΥΝΟΙ ΝΑΥΤΙΚΗΣ ΚΛΟΠΗΣ

Φυλάκισιν δύο ἐτῶν εἰς Ἑκαστον, ἐπέβαλε τὸ τριμελὲς πλημμελειοδικεῖον εἰς τοὺς ὑπευθύνους τῆς κλοπῆς ναυτικοῦ ὑλικοῦ ἀπὸ πλοῖον ἀγκυροβολημένον εἰς τὸν λιμένα τοῦ Πειραιῶς.

ΣΥΝΕΛΗΦΘΗΣΑΝ ΔΙΑ ΠΑΡΑΝΟΜΟΝ ΧΑΡΤΟΠΑΙΞΙΑΝ

ΣΕΡΡΑΙ, 5. — Παρὰ ὀργάνων τῆς ἀστυνομίας συνελήφθησαν εἰς καφενεῖον τῆς πόλεως πέντε ἄτομα ἐπιδιδόμενα εἰς τυχερὸν παιγνίδιον. Κατεσχέθη ποσὸν χρημάτων καὶ τράπουλαι.

ΝΕΟΝ ΣΥΜΒΟΥΛΙΟΝ ΦΙΛΟΤΕΧΝΙΚΟΥ ΣΩΜΑΤΕΙΟΥ ΤΗΣ ΕΔΕΣΣΗΣ

ΕΔΕΣΣΑ, 5. — Ἐξελέγη τὸ νέον διοικητικὸν συμβούλιον τοῦ φιλοτεχνικοῦ σωματείου «Ἡ Ἔδεσσα». Πρόεδρος ἐξελέγη ὁ κ. Ἀλέξανδρος Κοντός, ἀντιπρόεδρος ὁ κ. Παπαδημητρίου καὶ γραμματεὺς ὁ κ. Γεωργίου.

Η ΕΚΤΕΛΕΣΙΣ ΕΡΓΩΝ ΕΙΣ ΤΗΝ ΚΟΡΙΝΘΙΑΝ

ΑΘΗΝΑΙ, 5. — Ὁ νομάρχης Κορινθίας ἀνέφερεν ὅτι κατὰ τὸ 1972 διετέθησαν διὰ τὴν ἐκτέλεσιν ἔργων εἰς τὸν νομὸν 417.000.000 δραχμαὶ ἐκ τῶν ὁποίων 170.000.000 δρχ. διὰ τὴν ὁδοποιΐαν καὶ 65.000.000 διὰ τὴν ὕδρευσιν. Αἱ ὑπόλοιπαι δαπάναι ἀφοροῦν ἀρδευτικὰ καὶ ἀποχετευτικὰ ἔργα.

ΤΑ ΠΕΡΙΠΟΛΙΑ ΤΟΥ ΛΙΜΕΝΙΚΟΥ

ΑΘΗΝΑΙ, 5. — Τὰ περίπολα τοῦ λιμενικοῦ σώματος ἐνετάθησαν εἰς τὰς ἀκτὰς τῆς Ἀττικῆς πρὸς πρόληψιν τῶν λαθραίων ἁλιευτικῶν δραστηριοτήτων.

ΔΙΩΡΙΣΘΗΣΑΝ ΔΗΜΑΡΧΟΙ

ΑΘΗΝΑΙ, 5. — Δι' ἀποφάσεως τοῦ ὑπουργοῦ ἐσωτερικῶν διωρίσθησαν δήμαρχοι καὶ πρόεδροι κοινοτήτων εἰς διαφόρους περιοχὰς τῆς χώρας.

Σελίς 11
ΠΡΟΤΕΙΝΕΤΑΙ Η ΣΥΣΤΑΣΙΣ ΕΝΟΣ ΟΡΓΑΝΟΥ ΔΙ' ΕΠΙΒΟΛΗΝ ΠΕΙΘΑΡΧΙΚΩΝ ΚΥΡΩΣΕΩΝ ΕΙΣ ΑΣΚΟΥΝΤΑΣ ΑΘΕΜΙΤΩΣ ΤΟ ΕΜΠΟΡΙΟΝ

ΑΘΗΝΑΙ, 5. — Ἡ τετραμελὴς ἐπιτροπὴ τῆς Ὑπηρεσίας Ἐμπορίου προτείνει τὴν σύστασιν εἰδικοῦ ὀργάνου διὰ τὴν ἐπιβολὴν πειθαρχικῶν κυρώσεων εἰς τοὺς ἀσκοῦντας τὸ ἐμπόριον κατὰ τρόπον ἀθέμιτον. Τὸ ὄργανον θὰ ἀποτελῆται ἀπὸ ἐκπροσώπους τοῦ ἐμπορικοῦ καὶ βιομηχανικοῦ ἐπιμελητηρίου, τῶν καταναλωτῶν καὶ τῆς διοικήσεως. Ἡ πρότασις ἀποσκοπεῖ εἰς τὴν ἐξυγίανσιν τῆς ἀγορᾶς καὶ τὴν προστασίαν τῶν καταναλωτῶν ἀπὸ τὴν κερδοσκοπίαν. Αἱ κυρώσεις θὰ κυμαίνωνται ἀπὸ ἐπίπληξιν μέχρι ἀφαιρέσεως τῆς ἐμπορικῆς ἀδείας.

ΙΔΡΥΣΙΝ ΕΛΕΥΘΕΡΑΣ ΖΩΝΗΣ ΕΙΣ ΤΑΣ ΠΑΤΡΑΣ ΕΙΣΗΓΕΙΤΑΙ ΤΟ ΤΟΠΙΚΟΝ ΕΠΙΜΕΛΗΤΗΡΙΟΝ ΔΙΑ ΤΗΝ ΕΓΚΑΤΑΣΤΑΣΙΝ ΞΕΝΩΝ ΒΙΟΜΗΧΑΝΙΩΝ

ΠΑΤΡΑΙ, 5. — Τὸν πρόεδρον τοῦ ἐμπορικοῦ καὶ βιομηχανικοῦ ἐπιμελητηρίου Πατρῶν κ. Λ. Ἀνδριόπουλον ὑπεδέχθη ὁ διευθυντὴς τοῦ ὑπουργείου συντονισμοῦ. Κατὰ τὴν συνάντησιν ὁ κ. Ἀνδριόπουλος ὑπέβαλε πρότασιν διὰ τὴν ἵδρυσιν ἐλευθέρας ζώνης εἰς τὴν περιοχὴν τοῦ λιμένος τῶν Πατρῶν, εἰς τὴν ὁποίαν θὰ ἐγκατασταθοῦν ξέναι βιομηχανίαι μὲ σκοπὸν τὴν ἐπεξεργασίαν πρώτων ὑλῶν καὶ τὴν ἐξαγωγὴν τῶν ἑτοίμων προϊόντων. Ἡ πρότασις ἐξετάζεται ὑπὸ τῶν ἁρμοδίων ὑπηρεσιῶν.

ΣΥΝΕΝΤΕΥΞΙΣ ΤΟΥ ΣΚΗΝΟΘΕΤΟΥ Κ. ΓΑΒΡΑ ΔΙΑ ΤΟΝ ΓΑΛΛΙΚΟΝ ΚΙΝΗΜΑΤΟΓΡΑΦΟΝ ΚΑΙ ΤΟ ΘΕΜΑ ΤΗΣ ΤΕΛΕΥΤΑΙΑΣ ΤΑΙΝΙΑΣ ΤΟΥ

ΠΑΡΙΣΙΟΙ, 5 (τῆς ἀνταποκρίτριάς μας). — Ὁ σκηνοθέτης κ. Κώστας Γαβρᾶς εἰς συνέντευξιν τὴν ὁποίαν παρεχώρησεν εἰς γαλλικὸν περιοδικὸν ὡμίλησε διὰ τὸν γαλλικὸν κινηματογράφον καὶ διὰ τὸ θέμα τῆς τελευταίας του ταινίας. Ὁ κ. Γαβρᾶς ἐτόνισεν ὅτι ὁ κινηματογράφος πρέπει νὰ ἀσχολῆται μὲ τὰ προβλήματα τῆς συγχρόνου κοινωνίας καὶ ὅτι ἡ νέα του ταινία πραγματεύεται τὸ θέμα τῆς ἐξουσίας καὶ τῆς πολιτικῆς βίας. «Παρακολουθῶ μὲ ἐνδιαφέρον τὸν νέον ἑλληνικὸν κινηματογράφον», εἶπεν, «καὶ πιστεύω ὅτι θὰ δώσῃ ἀξιόλογα ἔργα».

ΤΟ 1972 ΥΠΗΡΞΕΝ ΕΤΟΣ ΣΗΜΑΝΤΙΚΩΝ ΕΠΙΤΕΥΞΕΩΝ ΔΙΑ ΤΑΣ ΣΧΟΛΑΣ ΤΩΝ ΤΟΥΡΙΣΤΙΚΩΝ ΕΠΑΓΓΕΛΜΑΤΩΝ

ΑΘΗΝΑΙ, 5. — Κατὰ τὸ 1972 αἱ σχολαὶ τουριστικῶν ἐπαγγελμάτων τοῦ ΕΟΤ ἐσημείωσαν σημαντικὰς ἐπιτυχίας. Ὁ ἀριθμὸς τῶν ἀποφοιτησάντων ἀνῆλθεν εἰς 1.880, ἐκ τῶν ὁποίων οἱ περισσότεροι ἀπερροφήθησαν ἀμέσως ὑπὸ τῶν ξενοδοχειακῶν ἐπιχειρήσεων. Ἐπίσης ἐλειτούργησαν νέαι σχολαὶ εἰς Ῥόδον, Κέρκυραν καὶ Ἡράκλειον.

ΕΙΔΙΚΟΙ ΛΟΓΑΡΙΑΣΜΟΙ ΔΙΑ ΤΗΝ ΕΝΙΣΧΥΣΙΝ ΤΩΝ ΤΕΚΝΩΝ ΜΕΛΩΝ ΜΕΤΟΧΙΚΩΝ ΤΑΜΕΙΩΝ

ΑΘΗΝΑΙ, 5. — Διὰ νομοθετικοῦ διατάγματος συνιστῶνται εἰς τὰ μετοχικὰ ταμεῖα τῶν δημοσίων ὑπαλλήλων εἰδικοὶ λογαριασμοὶ διὰ τὴν ἐνίσχυσιν τῶν τέκνων τῶν μελῶν των, τὰ ὁποῖα σπουδάζουν εἰς ἀνωτάτας σχολάς. Οἱ πόροι τῶν λογαριασμῶν θὰ προέρχωνται ἀπὸ κρατήσεις ἐπὶ τῶν ἀποδοχῶν.

ΣΕΜΙΝΑΡΙΟΝ ΕΙΣ ΚΙΛΚΙΣ ΓΕΩΡΓΟΚΤΗΝΟΤΡΟΦΩΝ

ΚΙΛΚΙΣ, 5. — Εἰς τὸ κέντρον ἐκπαιδεύσεως ἐνηλίκων τῆς πόλεως πραγματοποιεῖται σεμινάριον γεωργοκτηνοτρόφων μὲ θέμα τὴν ἐκμηχάνισιν τῆς γεωργίας καὶ τὴν βελτίωσιν τῆς ἀποδόσεως τῶν καλλιεργειῶν.
